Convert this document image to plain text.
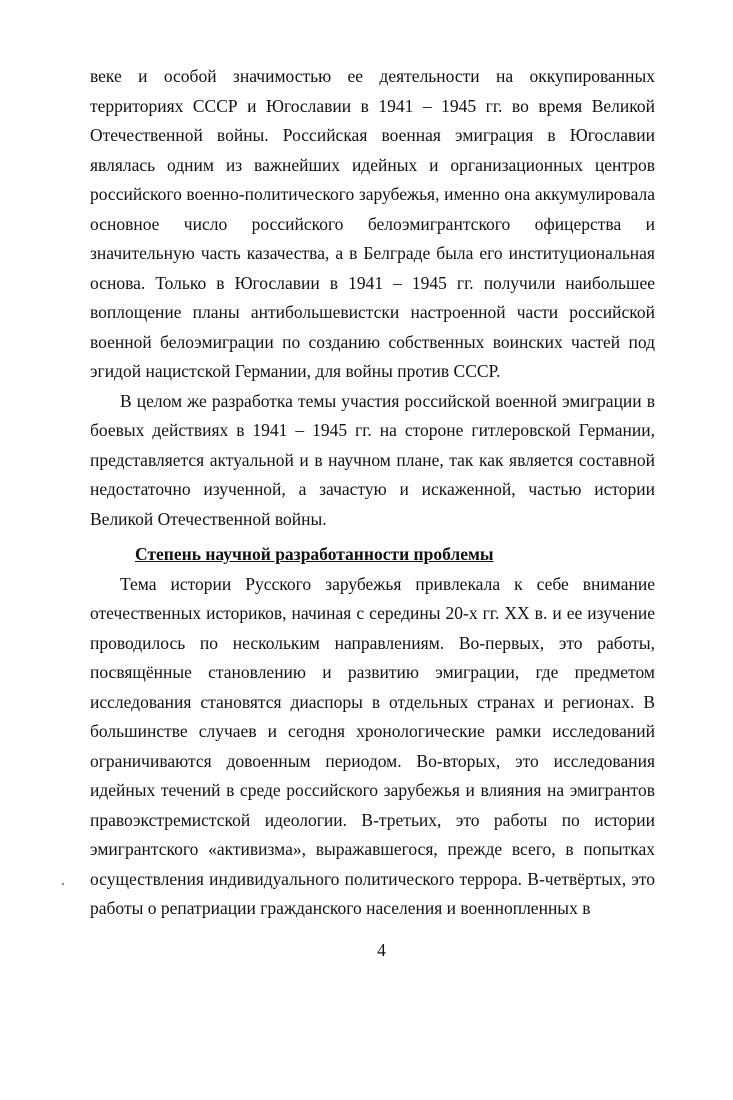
веке и особой значимостью ее деятельности на оккупированных территориях СССР и Югославии в 1941 – 1945 гг. во время Великой Отечественной войны. Российская военная эмиграция в Югославии являлась одним из важнейших идейных и организационных центров российского военно-политического зарубежья, именно она аккумулировала основное число российского белоэмигрантского офицерства и значительную часть казачества, а в Белграде была его институциональная основа. Только в Югославии в 1941 – 1945 гг. получили наибольшее воплощение планы антибольшевистски настроенной части российской военной белоэмиграции по созданию собственных воинских частей под эгидой нацистской Германии, для войны против СССР.

В целом же разработка темы участия российской военной эмиграции в боевых действиях в 1941 – 1945 гг. на стороне гитлеровской Германии, представляется актуальной и в научном плане, так как является составной недостаточно изученной, а зачастую и искаженной, частью истории Великой Отечественной войны.

Степень научной разработанности проблемы

Тема истории Русского зарубежья привлекала к себе внимание отечественных историков, начиная с середины 20-х гг. XX в. и ее изучение проводилось по нескольким направлениям. Во-первых, это работы, посвящённые становлению и развитию эмиграции, где предметом исследования становятся диаспоры в отдельных странах и регионах. В большинстве случаев и сегодня хронологические рамки исследований ограничиваются довоенным периодом. Во-вторых, это исследования идейных течений в среде российского зарубежья и влияния на эмигрантов правоэкстремистской идеологии. В-третьих, это работы по истории эмигрантского «активизма», выражавшегося, прежде всего, в попытках осуществления индивидуального политического террора. В-четвёртых, это работы о репатриации гражданского населения и военнопленных в

4
